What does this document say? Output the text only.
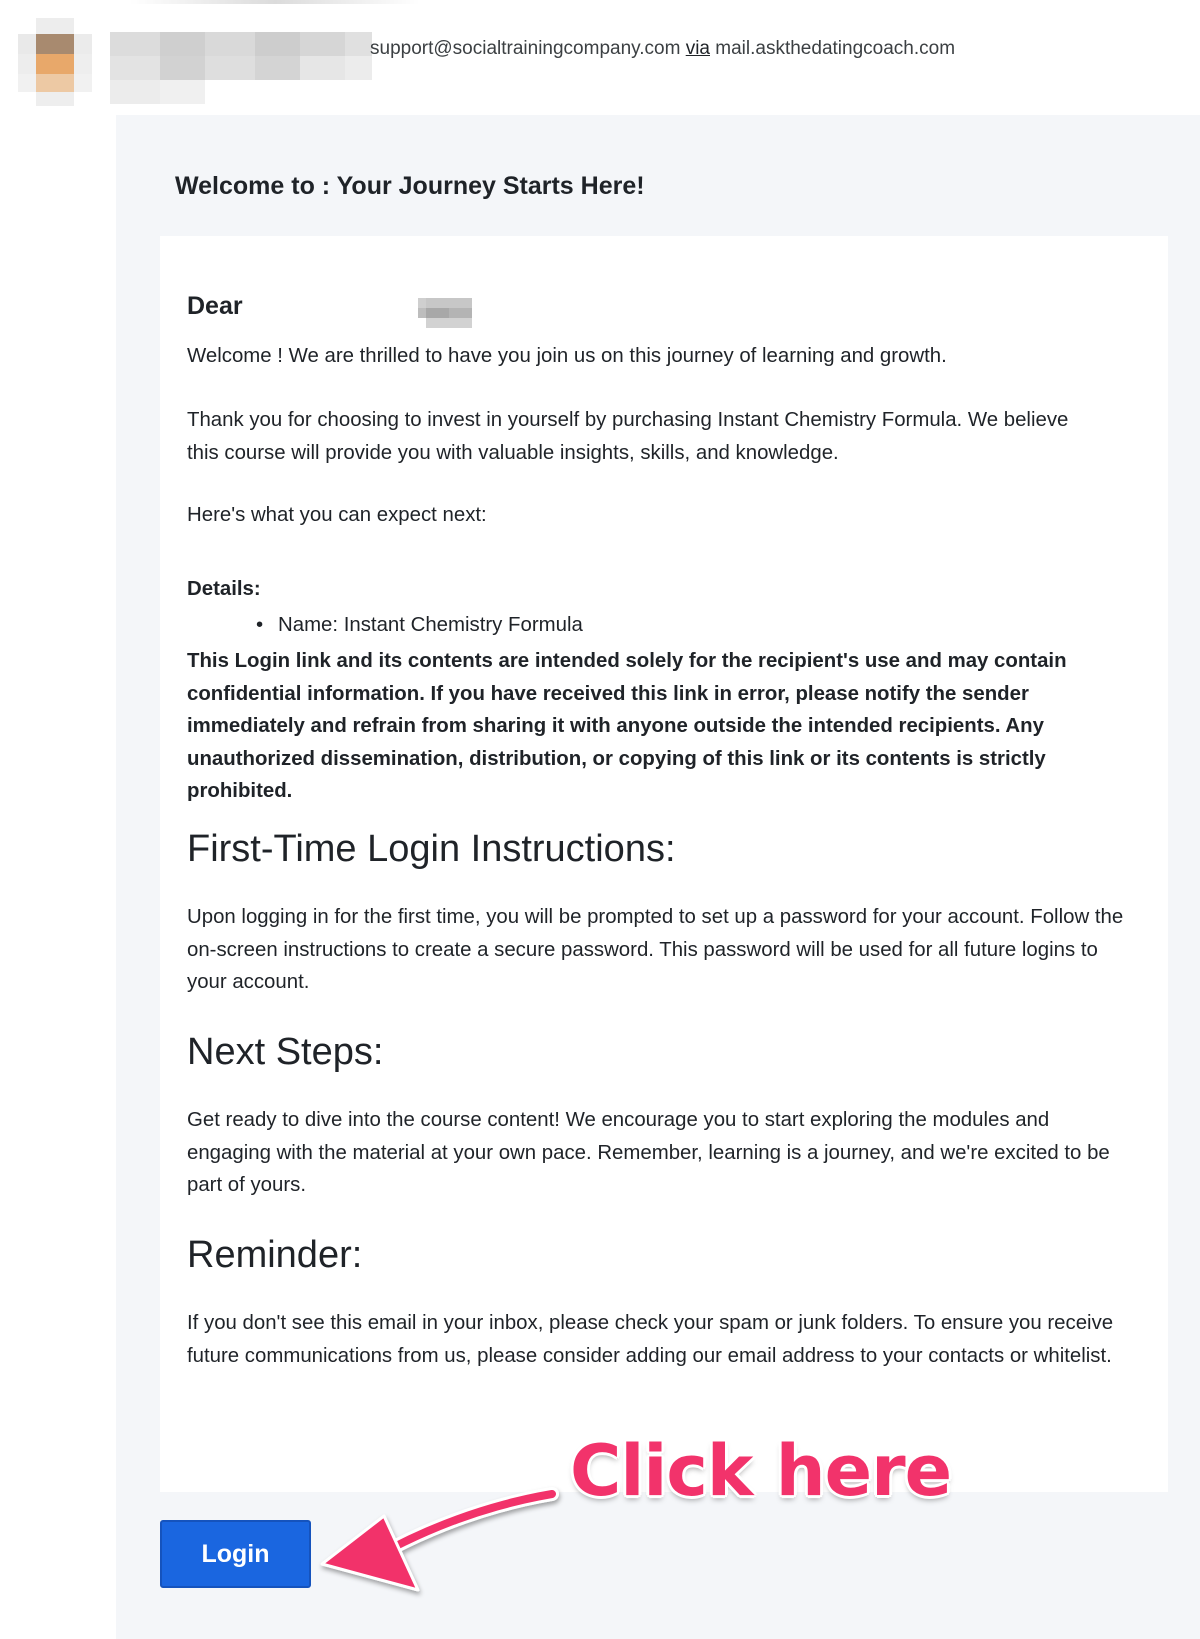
support@socialtrainingcompany.com via mail.askthedatingcoach.com
Welcome to : Your Journey Starts Here!

Dear

Welcome ! We are thrilled to have you join us on this journey of learning and growth.

Thank you for choosing to invest in yourself by purchasing Instant Chemistry Formula. We believe this course will provide you with valuable insights, skills, and knowledge.

Here's what you can expect next:

Details:

• Name: Instant Chemistry Formula

This Login link and its contents are intended solely for the recipient's use and may contain confidential information. If you have received this link in error, please notify the sender immediately and refrain from sharing it with anyone outside the intended recipients. Any unauthorized dissemination, distribution, or copying of this link or its contents is strictly prohibited.

First-Time Login Instructions:

Upon logging in for the first time, you will be prompted to set up a password for your account. Follow the on-screen instructions to create a secure password. This password will be used for all future logins to your account.

Next Steps:

Get ready to dive into the course content! We encourage you to start exploring the modules and engaging with the material at your own pace. Remember, learning is a journey, and we're excited to be part of yours.

Reminder:

If you don't see this email in your inbox, please check your spam or junk folders. To ensure you receive future communications from us, please consider adding our email address to your contacts or whitelist.

Login
Click here
